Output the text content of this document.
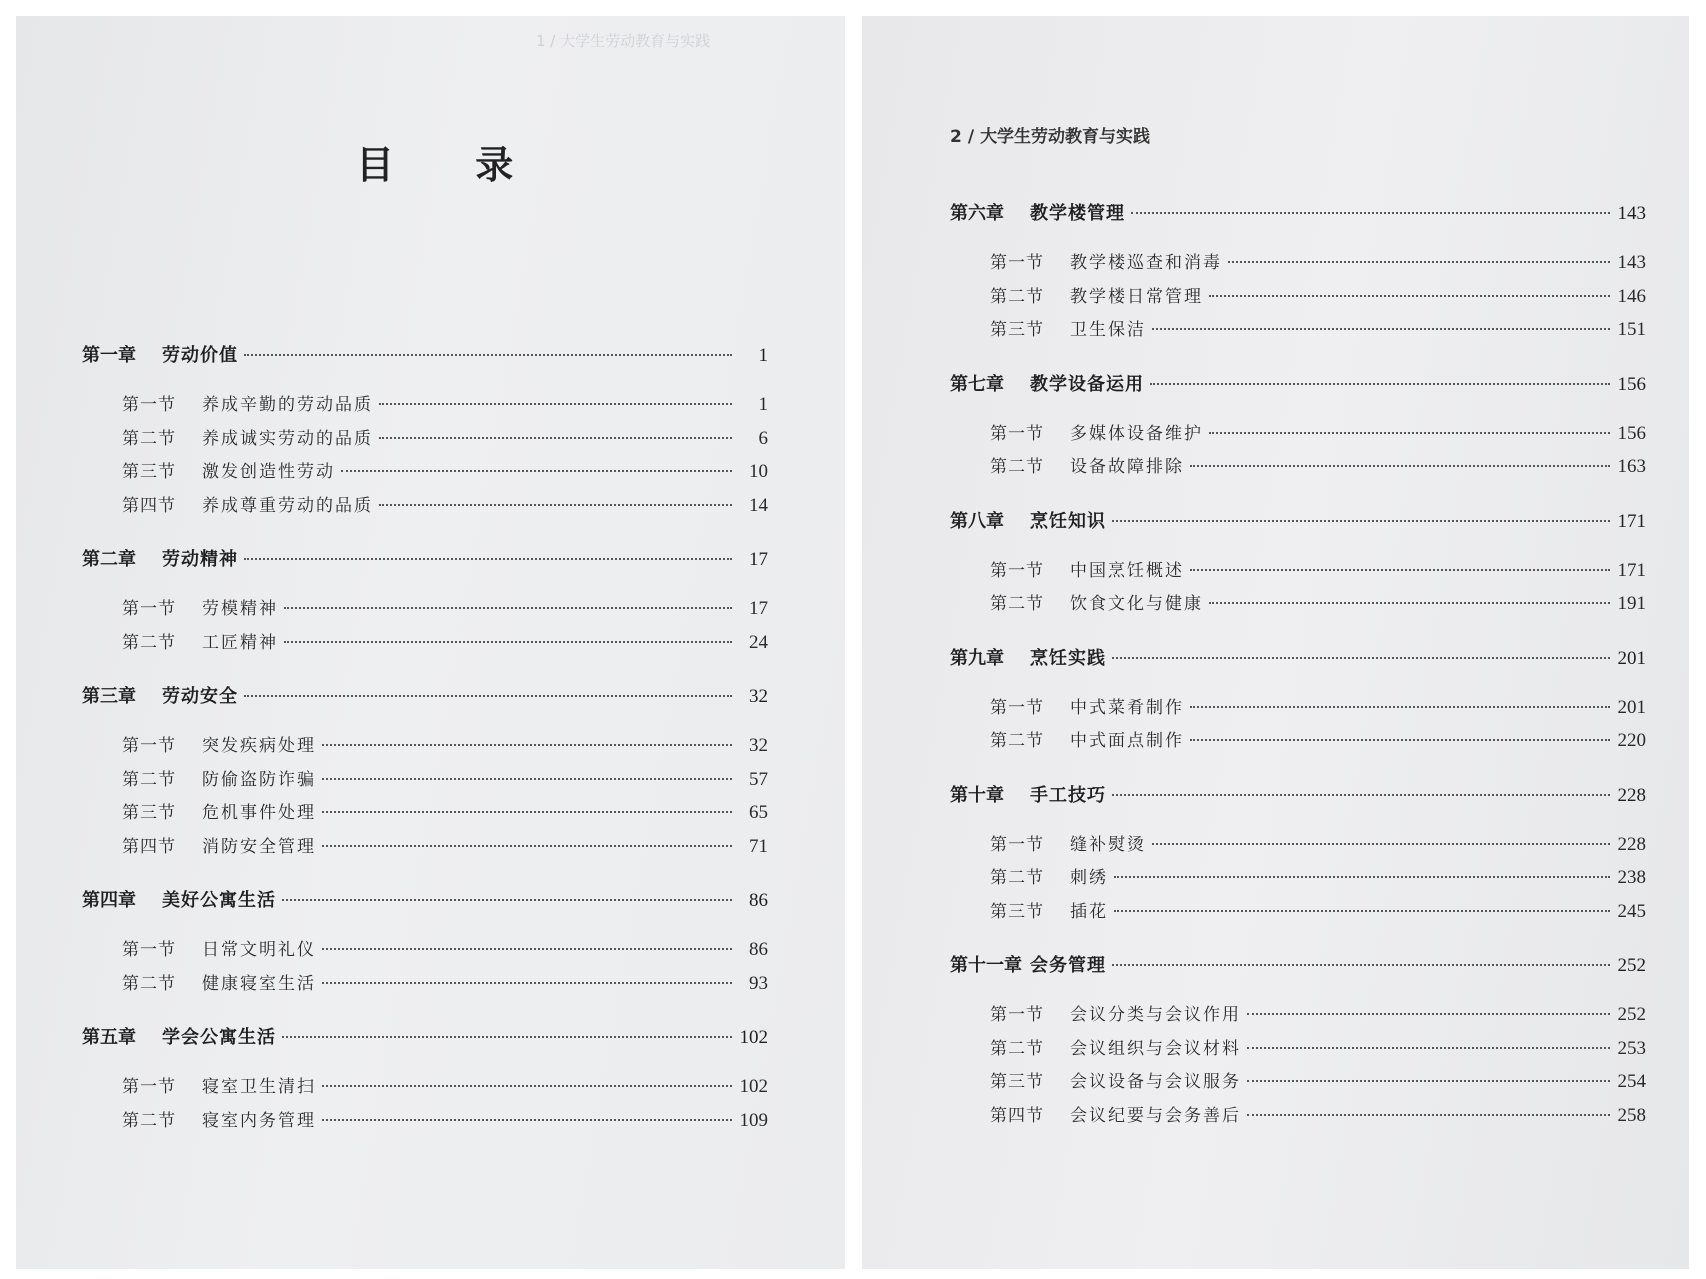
1 / 大学生劳动教育与实践
目 录
第一章	劳动价值	1
第一节	养成辛勤的劳动品质	1
第二节	养成诚实劳动的品质	6
第三节	激发创造性劳动	10
第四节	养成尊重劳动的品质	14
第二章	劳动精神	17
第一节	劳模精神	17
第二节	工匠精神	24
第三章	劳动安全	32
第一节	突发疾病处理	32
第二节	防偷盗防诈骗	57
第三节	危机事件处理	65
第四节	消防安全管理	71
第四章	美好公寓生活	86
第一节	日常文明礼仪	86
第二节	健康寝室生活	93
第五章	学会公寓生活	102
第一节	寝室卫生清扫	102
第二节	寝室内务管理	109
2 / 大学生劳动教育与实践
第六章	教学楼管理	143
第一节	教学楼巡查和消毒	143
第二节	教学楼日常管理	146
第三节	卫生保洁	151
第七章	教学设备运用	156
第一节	多媒体设备维护	156
第二节	设备故障排除	163
第八章	烹饪知识	171
第一节	中国烹饪概述	171
第二节	饮食文化与健康	191
第九章	烹饪实践	201
第一节	中式菜肴制作	201
第二节	中式面点制作	220
第十章	手工技巧	228
第一节	缝补熨烫	228
第二节	刺绣	238
第三节	插花	245
第十一章 会务管理	252
第一节	会议分类与会议作用	252
第二节	会议组织与会议材料	253
第三节	会议设备与会议服务	254
第四节	会议纪要与会务善后	258
